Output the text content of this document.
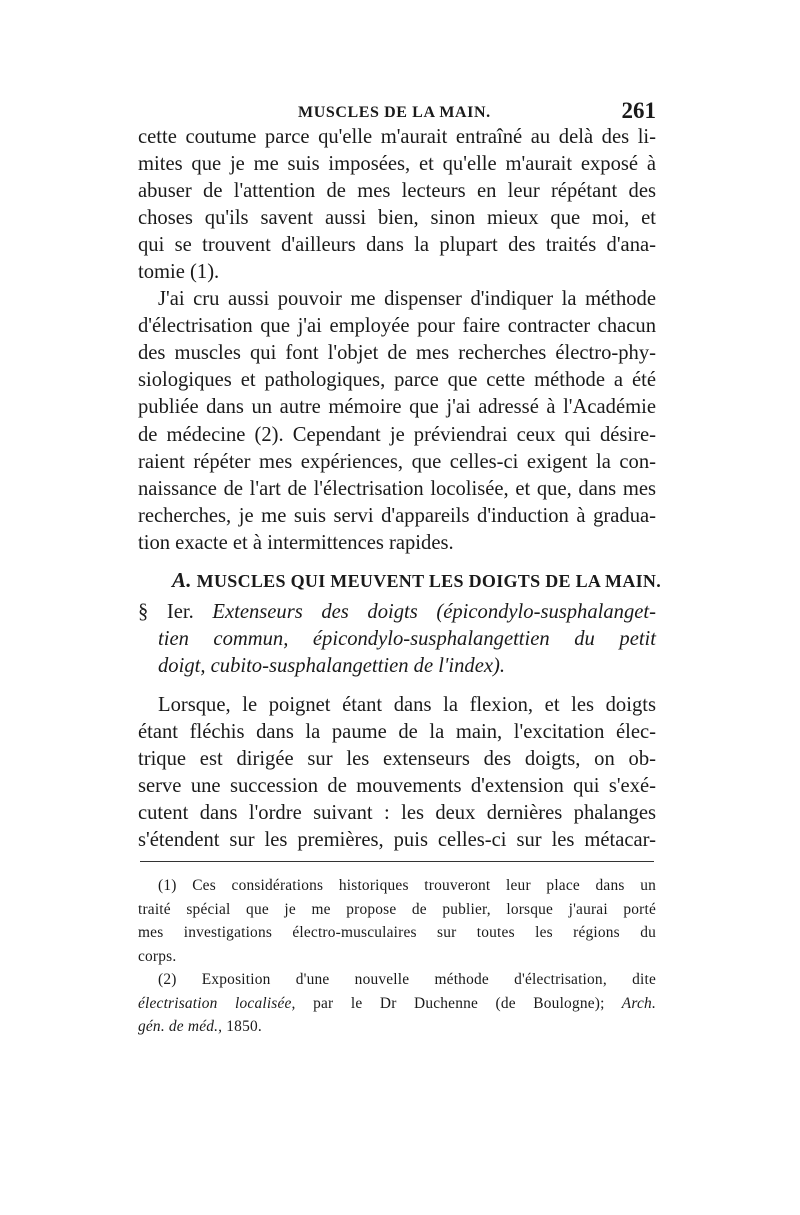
MUSCLES DE LA MAIN.	261
cette coutume parce qu'elle m'aurait entraîné au delà des li-
mites que je me suis imposées, et qu'elle m'aurait exposé à
abuser de l'attention de mes lecteurs en leur répétant des
choses qu'ils savent aussi bien, sinon mieux que moi, et
qui se trouvent d'ailleurs dans la plupart des traités d'ana-
tomie (1).
J'ai cru aussi pouvoir me dispenser d'indiquer la méthode
d'électrisation que j'ai employée pour faire contracter chacun
des muscles qui font l'objet de mes recherches électro-phy-
siologiques et pathologiques, parce que cette méthode a été
publiée dans un autre mémoire que j'ai adressé à l'Académie
de médecine (2). Cependant je préviendrai ceux qui désire-
raient répéter mes expériences, que celles-ci exigent la con-
naissance de l'art de l'électrisation locolisée, et que, dans mes
recherches, je me suis servi d'appareils d'induction à gradua-
tion exacte et à intermittences rapides.
A. MUSCLES QUI MEUVENT LES DOIGTS DE LA MAIN.
§ Ier. Extenseurs des doigts (épicondylo-susphalanget-
tien commun, épicondylo-susphalangettien du petit
doigt, cubito-susphalangettien de l'index).
Lorsque, le poignet étant dans la flexion, et les doigts
étant fléchis dans la paume de la main, l'excitation élec-
trique est dirigée sur les extenseurs des doigts, on ob-
serve une succession de mouvements d'extension qui s'exé-
cutent dans l'ordre suivant : les deux dernières phalanges
s'étendent sur les premières, puis celles-ci sur les métacar-
(1) Ces considérations historiques trouveront leur place dans un
traité spécial que je me propose de publier, lorsque j'aurai porté
mes investigations électro-musculaires sur toutes les régions du
corps.
(2) Exposition d'une nouvelle méthode d'électrisation, dite
électrisation localisée, par le Dr Duchenne (de Boulogne); Arch.
gén. de méd., 1850.
